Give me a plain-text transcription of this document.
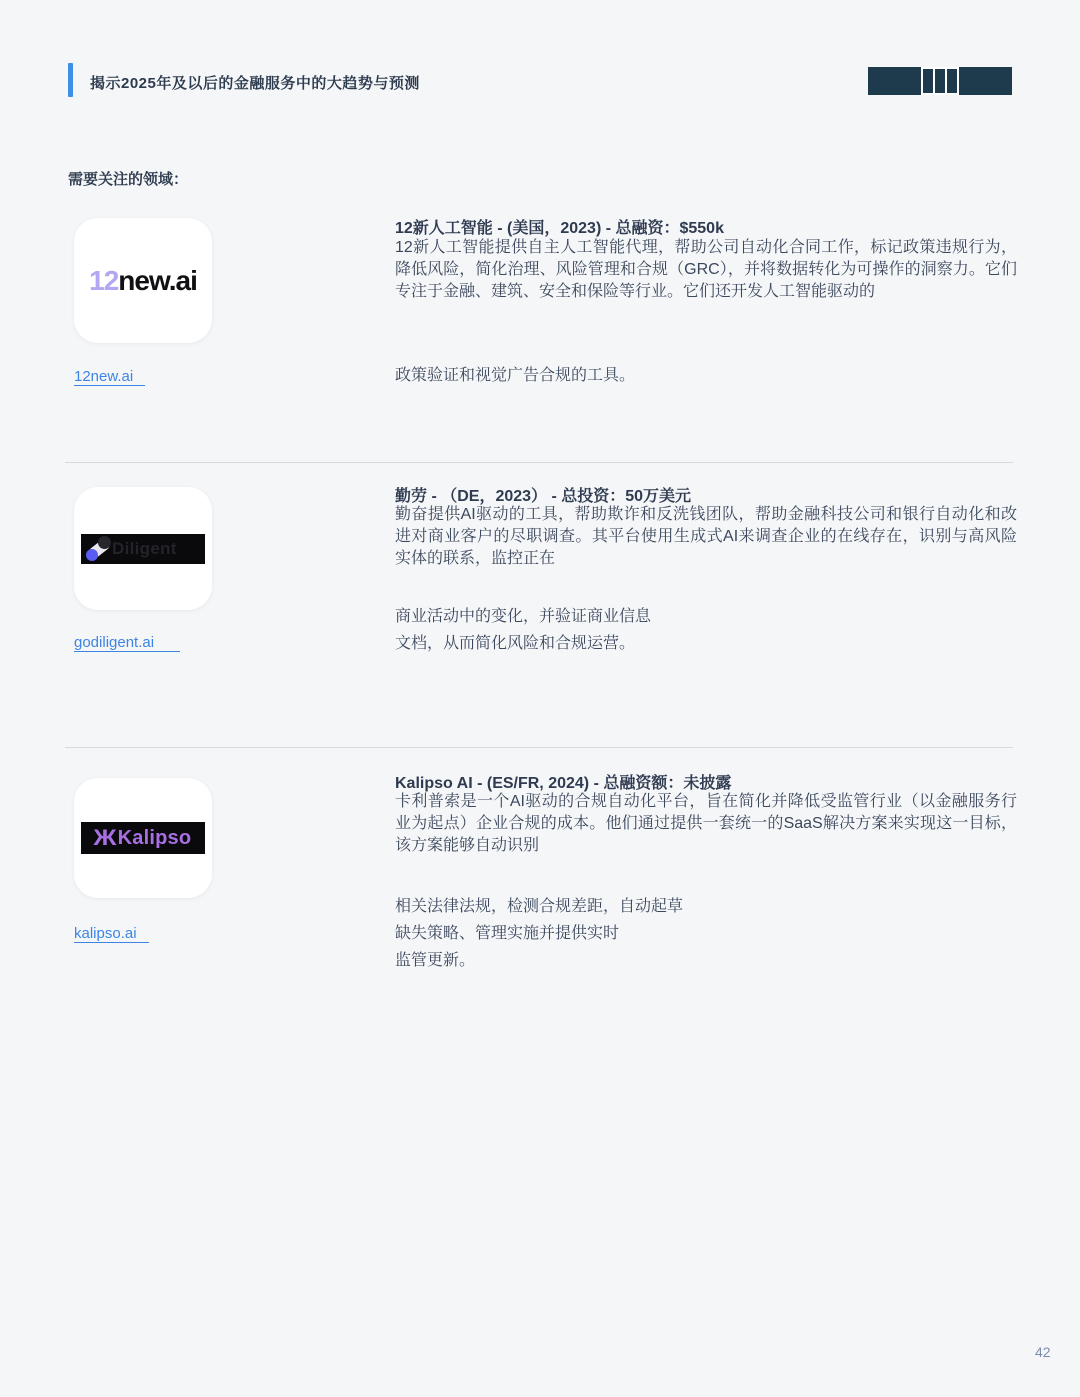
揭示2025年及以后的金融服务中的大趋势与预测
需要关注的领域：
12new.ai
12new.ai
12新人工智能 - (美国，2023) - 总融资：$550k

12新人工智能提供自主人工智能代理，帮助公司自动化合同工作，标记政策违规行为，降低风险，简化治理、风险管理和合规（GRC），并将数据转化为可操作的洞察力。它们专注于金融、建筑、安全和保险等行业。它们还开发人工智能驱动的

政策验证和视觉广告合规的工具。

Diligent
godiligent.ai
勤劳 - （DE，2023） - 总投资：50万美元

勤奋提供AI驱动的工具，帮助欺诈和反洗钱团队，帮助金融科技公司和银行自动化和改进对商业客户的尽职调查。其平台使用生成式AI来调查企业的在线存在，识别与高风险实体的联系，监控正在

商业活动中的变化，并验证商业信息

文档，从而简化风险和合规运营。

Ж Kalipso
kalipso.ai
Kalipso AI - (ES/FR, 2024) - 总融资额：未披露

卡利普索是一个AI驱动的合规自动化平台，旨在简化并降低受监管行业（以金融服务行业为起点）企业合规的成本。他们通过提供一套统一的SaaS解决方案来实现这一目标，该方案能够自动识别

相关法律法规，检测合规差距，自动起草

缺失策略、管理实施并提供实时

监管更新。

42
